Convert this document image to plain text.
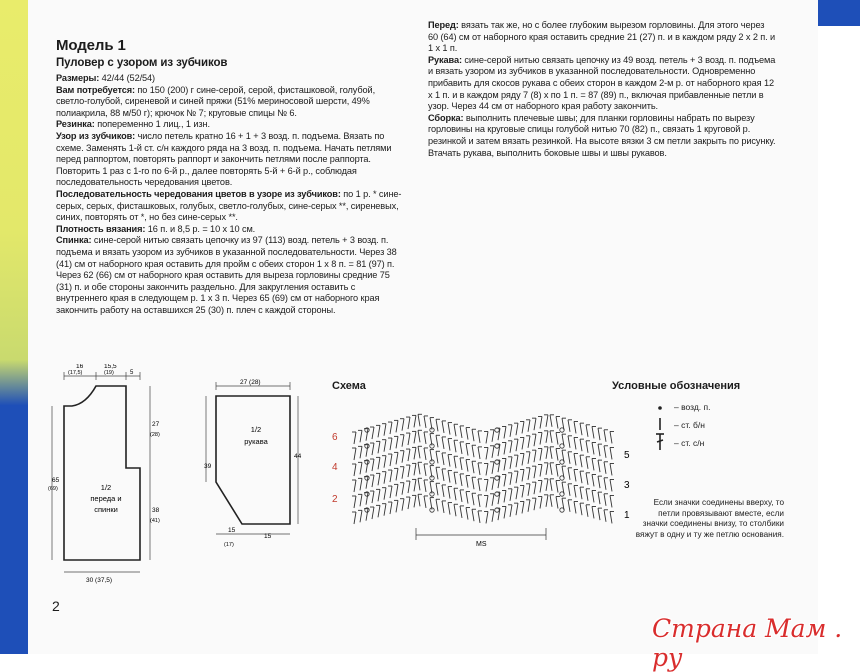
Модель 1

Пуловер с узором из зубчиков

Размеры: 42/44 (52/54)

Вам потребуется: по 150 (200) г сине-серой, серой, фисташковой, голубой, светло-голубой, сиреневой и синей пряжи (51% мериносовой шерсти, 49% полиакрила, 88 м/50 г); крючок № 7; круговые спицы № 6.

Резинка: попеременно 1 лиц., 1 изн.

Узор из зубчиков: число петель кратно 16 + 1 + 3 возд. п. подъема. Вязать по схеме. Заменять 1-й ст. с/н каждого ряда на 3 возд. п. подъема. Начать петлями перед раппортом, повторять раппорт и закончить петлями после раппорта. Повторить 1 раз с 1-го по 6-й р., далее повторять 5-й + 6-й р., соблюдая последовательность чередования цветов.

Последовательность чередования цветов в узоре из зубчиков: по 1 р. * сине-серых, серых, фисташковых, голубых, светло-голубых, сине-серых **, сиреневых, синих, повторять от *, но без сине-серых **.

Плотность вязания: 16 п. и 8,5 р. = 10 х 10 см.

Спинка: сине-серой нитью связать цепочку из 97 (113) возд. петель + 3 возд. п. подъема и вязать узором из зубчиков в указанной последовательности. Через 38 (41) см от наборного края оставить для пройм с обеих сторон 1 х 8 п. = 81 (97) п. Через 62 (66) см от наборного края оставить для выреза горловины средние 75 (31) п. и обе стороны закончить раздельно. Для закругления оставить с внутреннего края в следующем р. 1 х 3 п. Через 65 (69) см от наборного края закончить работу на оставшихся 25 (30) п. плеч с каждой стороны.

Перед: вязать так же, но с более глубоким вырезом горловины. Для этого через 60 (64) см от наборного края оставить средние 21 (27) п. и в каждом ряду 2 х 2 п. и 1 х 1 п.

Рукава: сине-серой нитью связать цепочку из 49 возд. петель + 3 возд. п. подъема и вязать узором из зубчиков в указанной последовательности. Одновременно прибавить для скосов рукава с обеих сторон в каждом 2-м р. от наборного края 12 х 1 п. и в каждом ряду 7 (8) х по 1 п. = 87 (89) п., включая прибавленные петли в узор. Через 44 см от наборного края работу закончить.

Сборка: выполнить плечевые швы; для планки горловины набрать по вырезу горловины на круговые спицы голубой нитью 70 (82) п., связать 1 круговой р. резинкой и затем вязать резинкой. На высоте вязки 3 см петли закрыть по рисунку. Втачать рукава, выполнить боковые швы и швы рукавов.

16
(17,5)
15,5
(19)	5
27
(28)
65
(69)
38
(41)
30 (37,5)
1/2
переда и
спинки
27 (28)
39
44
15
(17)
15
1/2
рукава
Схема
6
4
2
5
3
1
MS
Условные обозначения
– возд. п.
– ст. б/н
– ст. с/н
Если значки соединены вверху, то петли провязывают вместе, если значки соединены внизу, то столбики вяжут в одну и ту же петлю основания.
2
Страна Мам . ру
